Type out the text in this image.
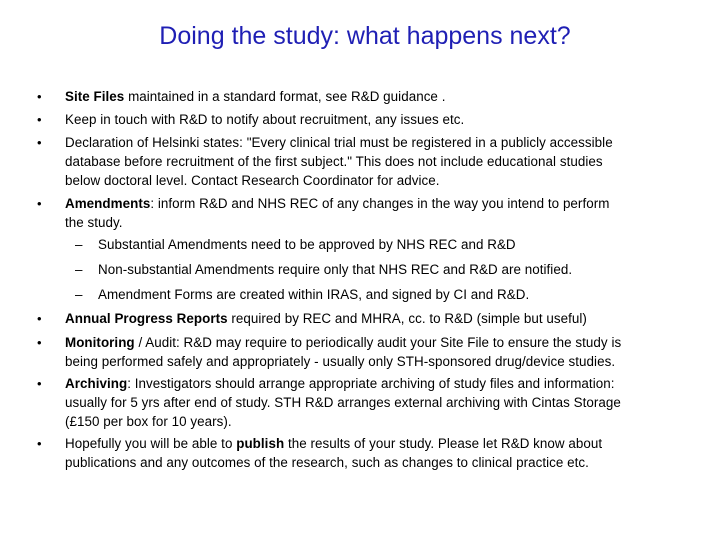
Doing the study: what happens next?
• Site Files maintained in a standard format, see R&D guidance .
• Keep in touch with R&D to notify about recruitment, any issues etc.
• Declaration of Helsinki states: "Every clinical trial must be registered in a publicly accessible
database before recruitment of the first subject." This does not include educational studies
below doctoral level. Contact Research Coordinator for advice.
• Amendments: inform R&D and NHS REC of any changes in the way you intend to perform
the study.
– Substantial Amendments need to be approved by NHS REC and R&D
– Non-substantial Amendments require only that NHS REC and R&D are notified.
– Amendment Forms are created within IRAS, and signed by CI and R&D.
• Annual Progress Reports required by REC and MHRA, cc. to R&D (simple but useful)
• Monitoring / Audit: R&D may require to periodically audit your Site File to ensure the study is
being performed safely and appropriately - usually only STH-sponsored drug/device studies.
• Archiving: Investigators should arrange appropriate archiving of study files and information:
usually for 5 yrs after end of study. STH R&D arranges external archiving with Cintas Storage
(£150 per box for 10 years).
• Hopefully you will be able to publish the results of your study. Please let R&D know about
publications and any outcomes of the research, such as changes to clinical practice etc.
